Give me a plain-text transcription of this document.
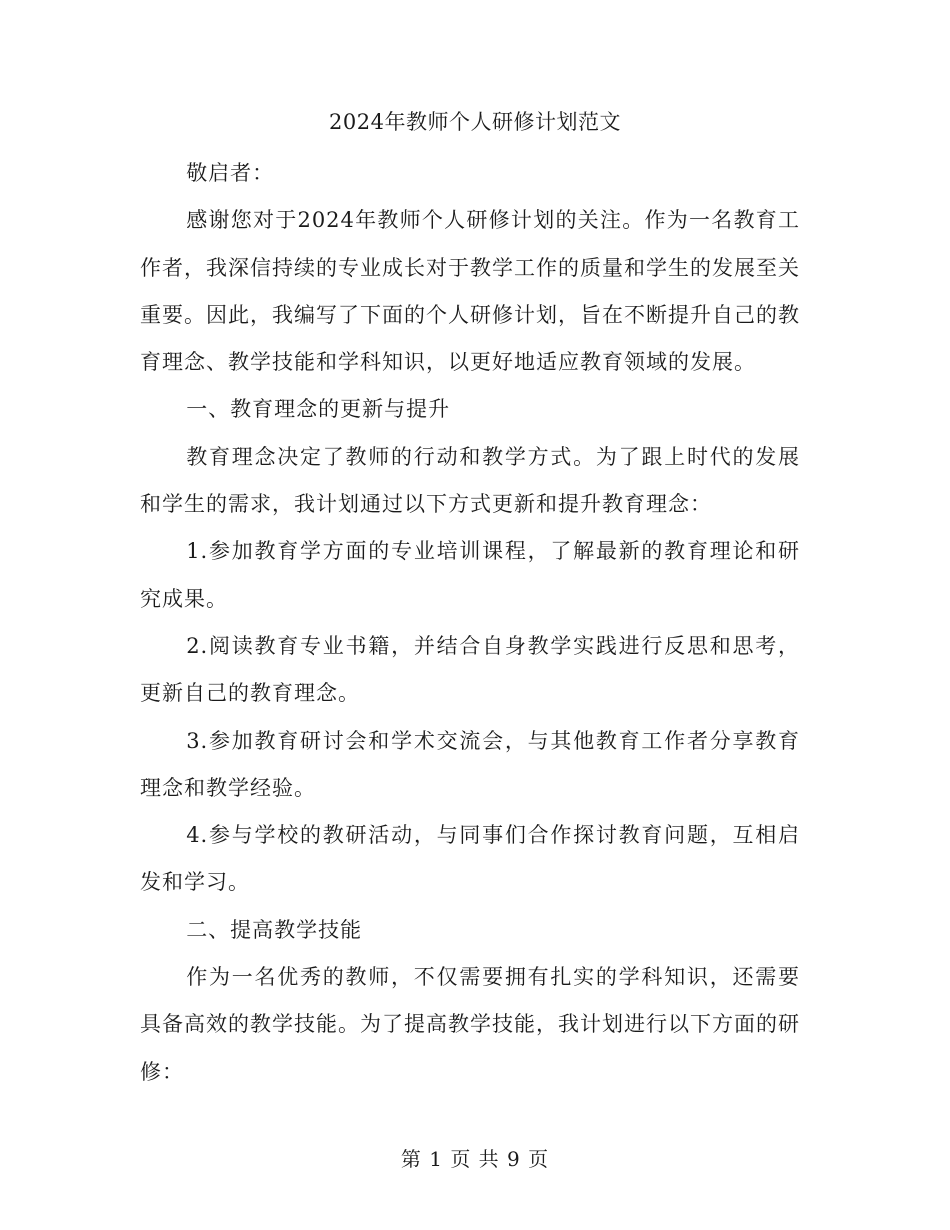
2024年教师个人研修计划范文

敬启者：

感谢您对于2024年教师个人研修计划的关注。作为一名教育工作者，我深信持续的专业成长对于教学工作的质量和学生的发展至关重要。因此，我编写了下面的个人研修计划，旨在不断提升自己的教育理念、教学技能和学科知识，以更好地适应教育领域的发展。

一、教育理念的更新与提升

教育理念决定了教师的行动和教学方式。为了跟上时代的发展和学生的需求，我计划通过以下方式更新和提升教育理念：

1.参加教育学方面的专业培训课程，了解最新的教育理论和研究成果。

2.阅读教育专业书籍，并结合自身教学实践进行反思和思考，更新自己的教育理念。

3.参加教育研讨会和学术交流会，与其他教育工作者分享教育理念和教学经验。

4.参与学校的教研活动，与同事们合作探讨教育问题，互相启发和学习。

二、提高教学技能

作为一名优秀的教师，不仅需要拥有扎实的学科知识，还需要具备高效的教学技能。为了提高教学技能，我计划进行以下方面的研修：

第 1 页 共 9 页
